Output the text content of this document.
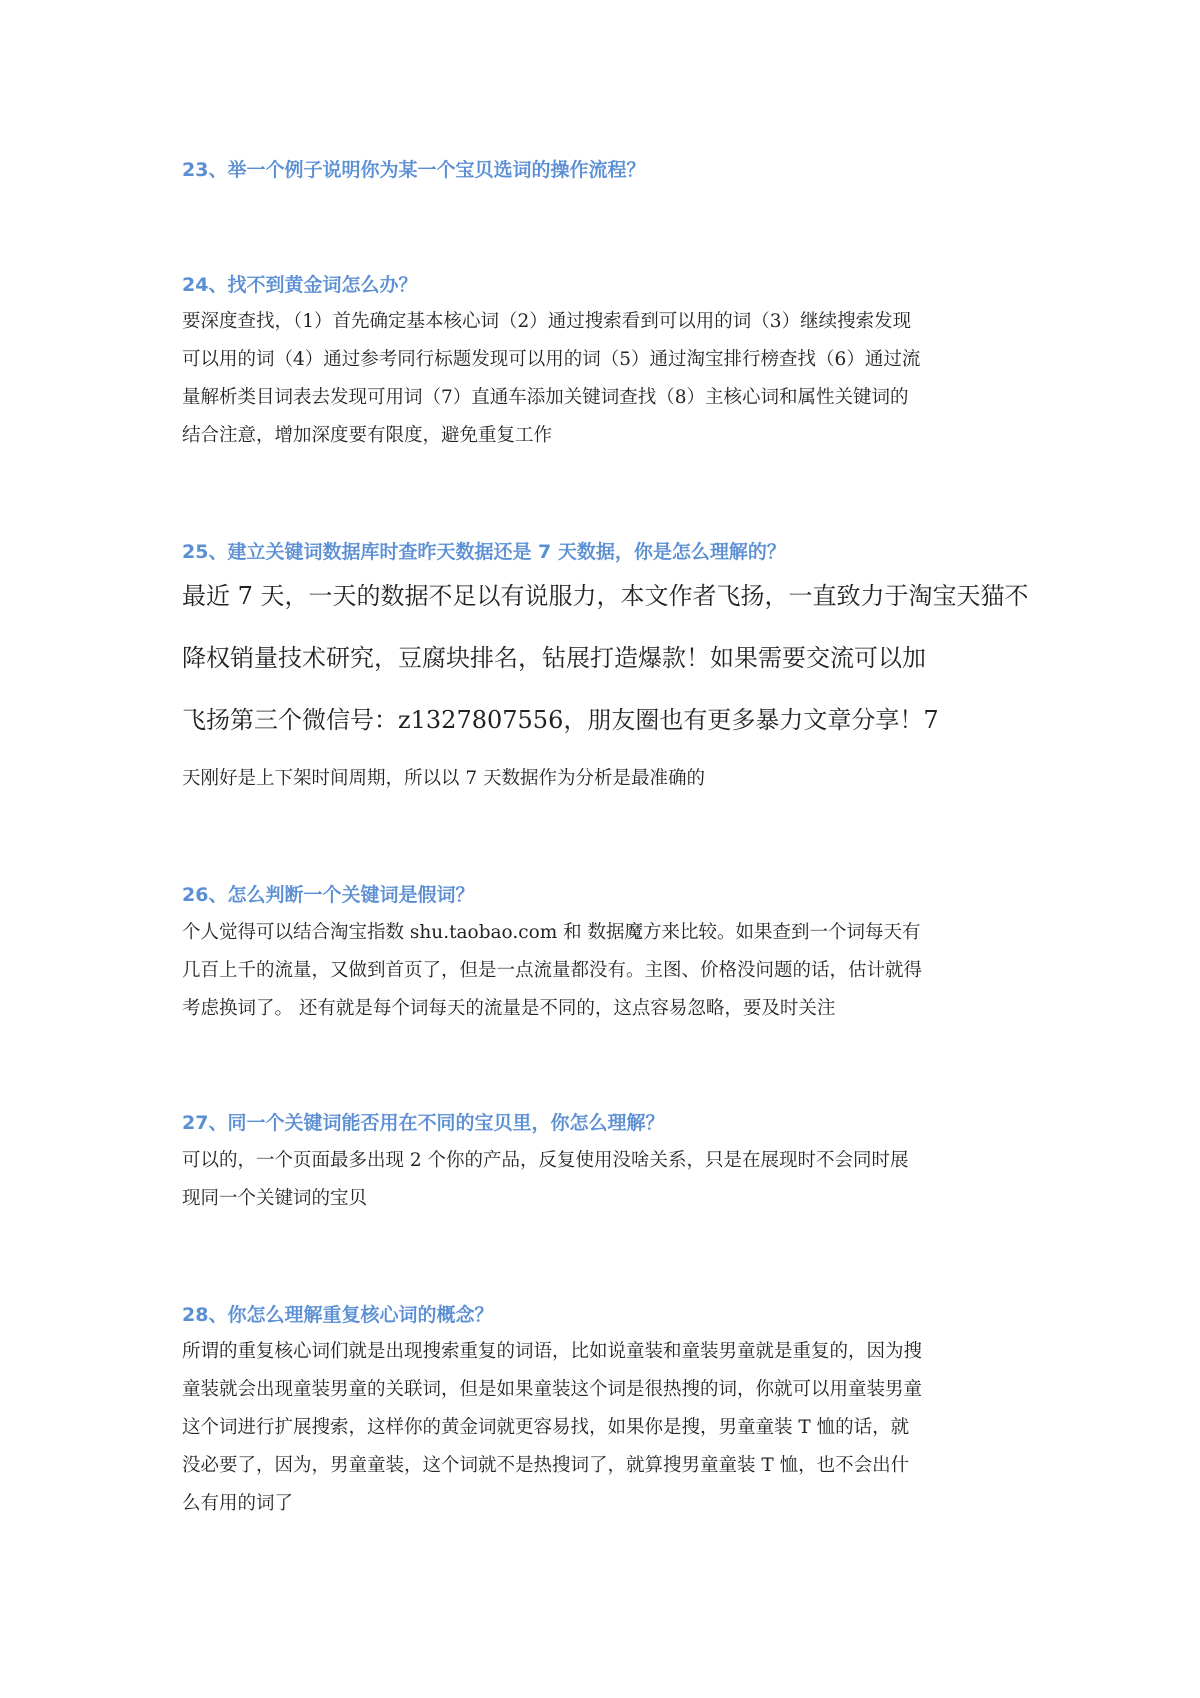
23、举一个例子说明你为某一个宝贝选词的操作流程？
24、找不到黄金词怎么办？
要深度查找，（1）首先确定基本核心词（2）通过搜索看到可以用的词（3）继续搜索发现
可以用的词（4）通过参考同行标题发现可以用的词（5）通过淘宝排行榜查找（6）通过流
量解析类目词表去发现可用词（7）直通车添加关键词查找（8）主核心词和属性关键词的
结合注意，增加深度要有限度，避免重复工作
25、建立关键词数据库时查昨天数据还是 7 天数据，你是怎么理解的？
最近 7 天，一天的数据不足以有说服力，本文作者飞扬，一直致力于淘宝天猫不
降权销量技术研究，豆腐块排名，钻展打造爆款！如果需要交流可以加
飞扬第三个微信号：z1327807556，朋友圈也有更多暴力文章分享！7
天刚好是上下架时间周期，所以以 7 天数据作为分析是最准确的
26、怎么判断一个关键词是假词？
个人觉得可以结合淘宝指数 shu.taobao.com 和 数据魔方来比较。如果查到一个词每天有
几百上千的流量，又做到首页了，但是一点流量都没有。主图、价格没问题的话，估计就得
考虑换词了。 还有就是每个词每天的流量是不同的，这点容易忽略，要及时关注
27、同一个关键词能否用在不同的宝贝里，你怎么理解？
可以的，一个页面最多出现 2 个你的产品，反复使用没啥关系，只是在展现时不会同时展
现同一个关键词的宝贝
28、你怎么理解重复核心词的概念？
所谓的重复核心词们就是出现搜索重复的词语，比如说童装和童装男童就是重复的，因为搜
童装就会出现童装男童的关联词，但是如果童装这个词是很热搜的词，你就可以用童装男童
这个词进行扩展搜索，这样你的黄金词就更容易找，如果你是搜，男童童装 T 恤的话，就
没必要了，因为，男童童装，这个词就不是热搜词了，就算搜男童童装 T 恤，也不会出什
么有用的词了
